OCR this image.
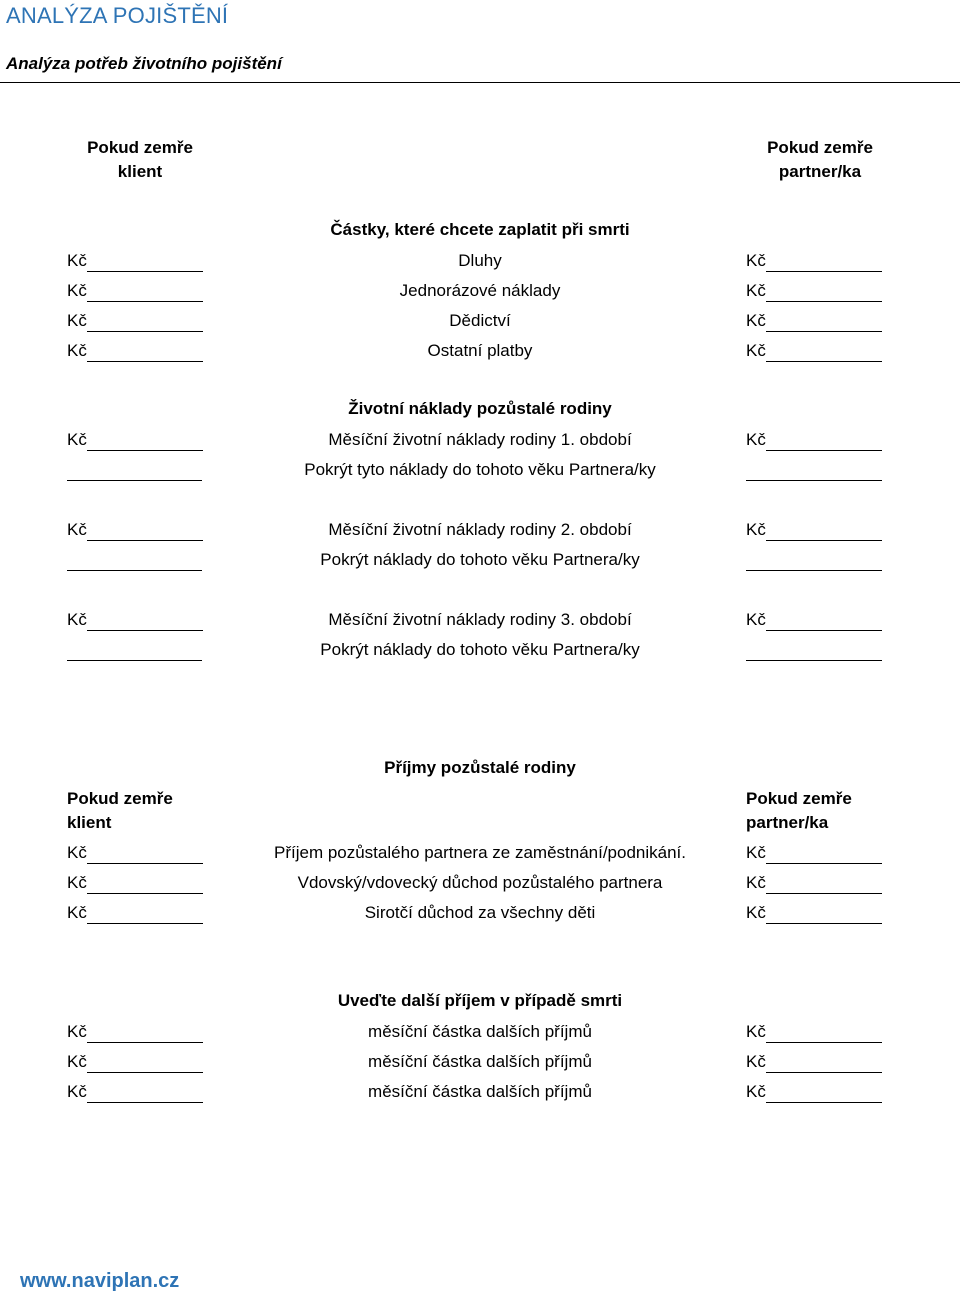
ANALÝZA POJIŠTĚNÍ
Analýza potřeb životního pojištění
Pokud zemře
klient
Pokud zemře
partner/ka
Částky, které chcete zaplatit při smrti
Kč	Dluhy	Kč
Kč	Jednorázové náklady	Kč
Kč	Dědictví	Kč
Kč	Ostatní platby	Kč
Životní náklady pozůstalé rodiny
Kč	Měsíční životní náklady rodiny 1. období	Kč
Pokrýt tyto náklady do tohoto věku Partnera/ky
Kč	Měsíční životní náklady rodiny 2. období	Kč
Pokrýt náklady do tohoto věku Partnera/ky
Kč	Měsíční životní náklady rodiny 3. období	Kč
Pokrýt náklady do tohoto věku Partnera/ky
Příjmy pozůstalé rodiny
Pokud zemře
klient
Pokud zemře
partner/ka
Kč	Příjem pozůstalého partnera ze zaměstnání/podnikání.	Kč
Kč	Vdovský/vdovecký důchod pozůstalého partnera	Kč
Kč	Sirotčí důchod za všechny děti	Kč
Uveďte další příjem v případě smrti
Kč	měsíční částka dalších příjmů	Kč
Kč	měsíční částka dalších příjmů	Kč
Kč	měsíční částka dalších příjmů	Kč
www.naviplan.cz
